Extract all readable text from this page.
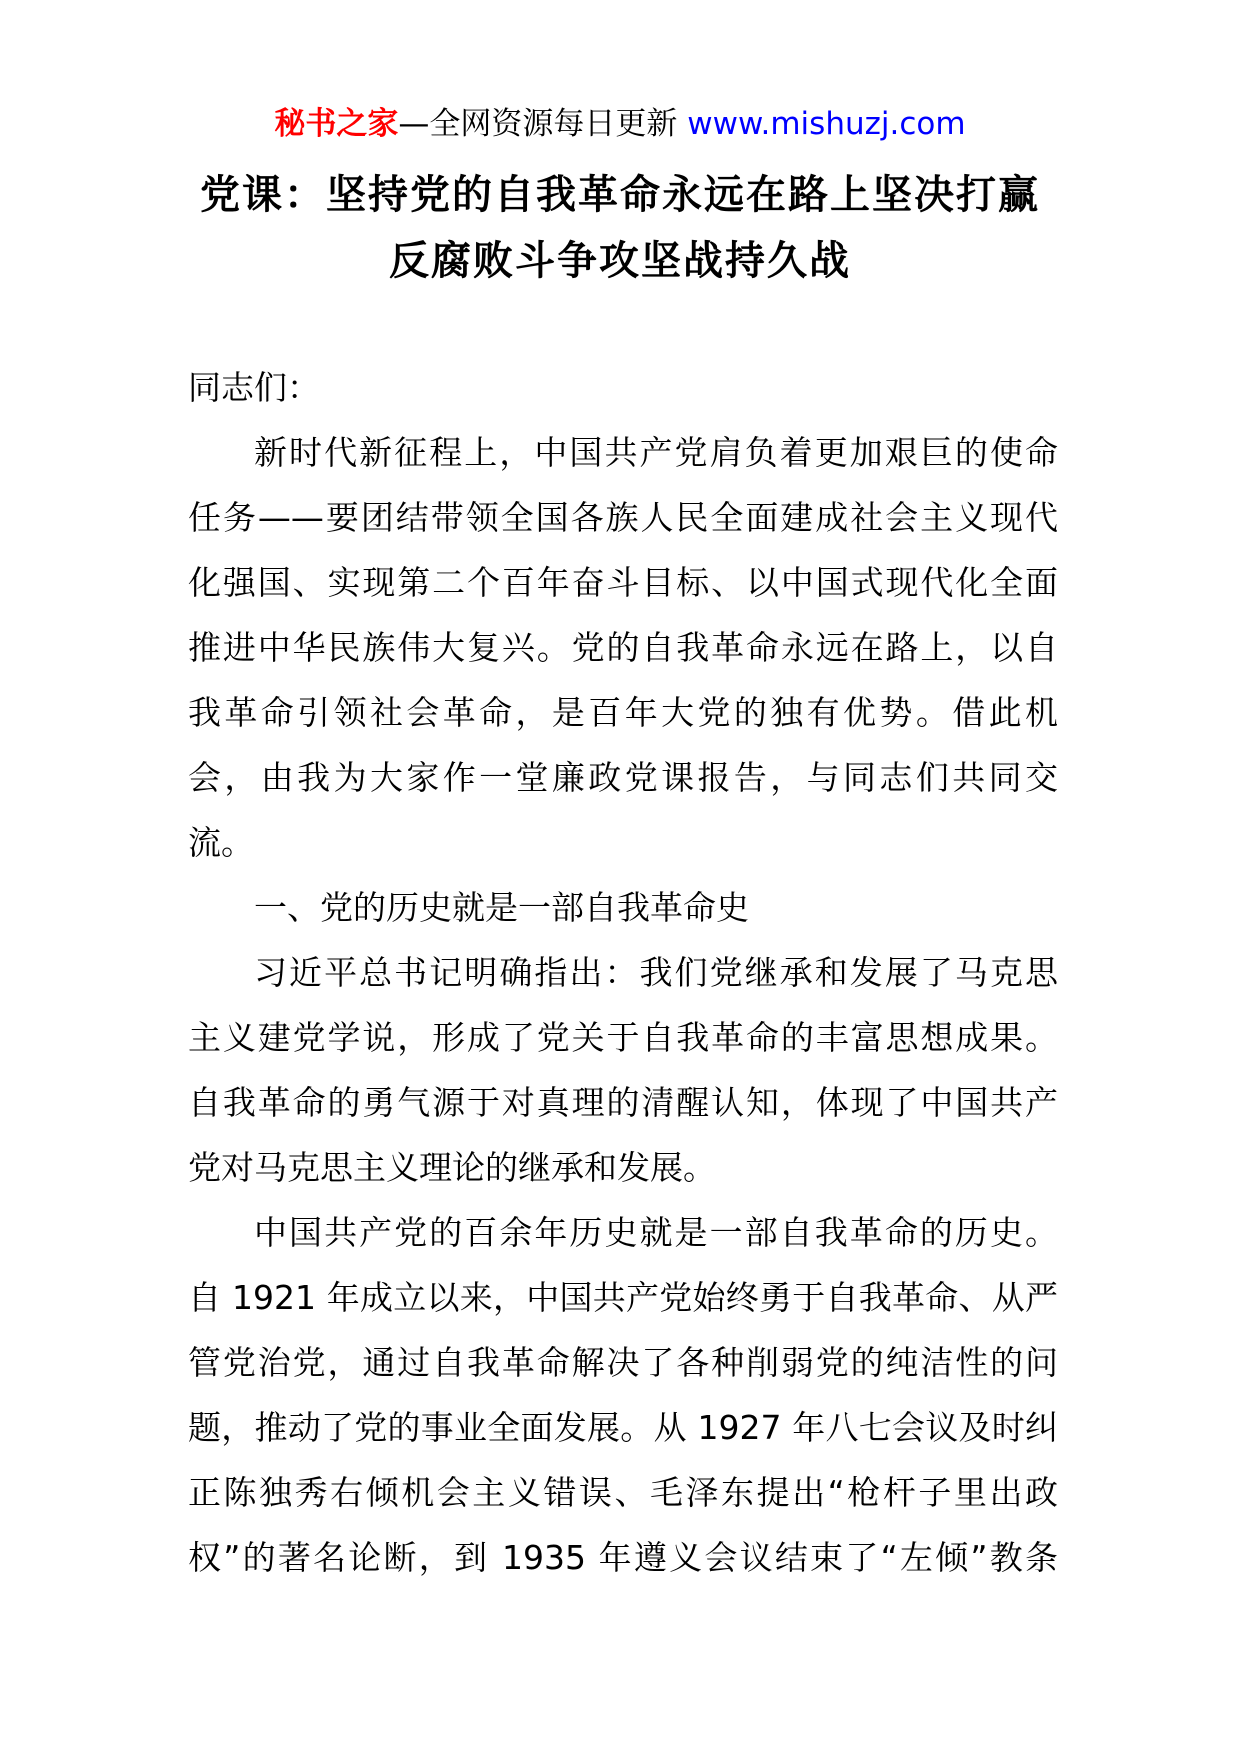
秘书之家—全网资源每日更新 www.mishuzj.com
党课：坚持党的自我革命永远在路上坚决打赢
反腐败斗争攻坚战持久战
同志们：
新时代新征程上，中国共产党肩负着更加艰巨的使命
任务——要团结带领全国各族人民全面建成社会主义现代
化强国、实现第二个百年奋斗目标、以中国式现代化全面
推进中华民族伟大复兴。党的自我革命永远在路上，以自
我革命引领社会革命，是百年大党的独有优势。借此机
会，由我为大家作一堂廉政党课报告，与同志们共同交
流。
一、党的历史就是一部自我革命史
习近平总书记明确指出：我们党继承和发展了马克思
主义建党学说，形成了党关于自我革命的丰富思想成果。
自我革命的勇气源于对真理的清醒认知，体现了中国共产
党对马克思主义理论的继承和发展。
中国共产党的百余年历史就是一部自我革命的历史。
自 1921 年成立以来，中国共产党始终勇于自我革命、从严
管党治党，通过自我革命解决了各种削弱党的纯洁性的问
题，推动了党的事业全面发展。从 1927 年八七会议及时纠
正陈独秀右倾机会主义错误、毛泽东提出“枪杆子里出政
权”的著名论断，到 1935 年遵义会议结束了“左倾”教条
